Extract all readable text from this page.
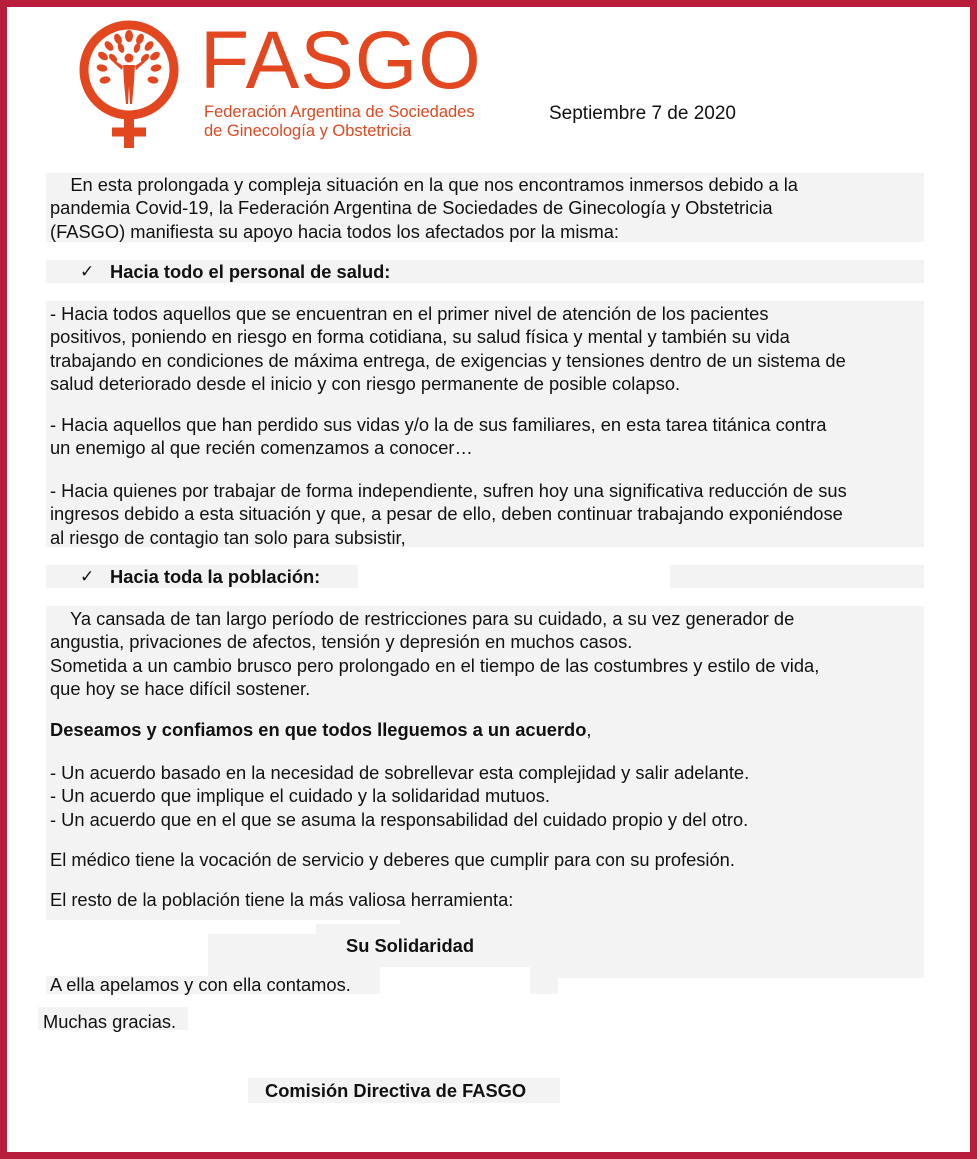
FASGO
Federación Argentina de Sociedades
de Ginecología y Obstetricia
Septiembre 7 de 2020
En esta prolongada y compleja situación en la que nos encontramos inmersos debido a la
pandemia Covid-19, la Federación Argentina de Sociedades de Ginecología y Obstetricia
(FASGO) manifiesta su apoyo hacia todos los afectados por la misma:
✓ Hacia todo el personal de salud:
- Hacia todos aquellos que se encuentran en el primer nivel de atención de los pacientes
positivos, poniendo en riesgo en forma cotidiana, su salud física y mental y también su vida
trabajando en condiciones de máxima entrega, de exigencias y tensiones dentro de un sistema de
salud deteriorado desde el inicio y con riesgo permanente de posible colapso.
- Hacia aquellos que han perdido sus vidas y/o la de sus familiares, en esta tarea titánica contra
un enemigo al que recién comenzamos a conocer…
- Hacia quienes por trabajar de forma independiente, sufren hoy una significativa reducción de sus
ingresos debido a esta situación y que, a pesar de ello, deben continuar trabajando exponiéndose
al riesgo de contagio tan solo para subsistir,
✓ Hacia toda la población:
Ya cansada de tan largo período de restricciones para su cuidado, a su vez generador de
angustia, privaciones de afectos, tensión y depresión en muchos casos.
Sometida a un cambio brusco pero prolongado en el tiempo de las costumbres y estilo de vida,
que hoy se hace difícil sostener.
Deseamos y confiamos en que todos lleguemos a un acuerdo,
- Un acuerdo basado en la necesidad de sobrellevar esta complejidad y salir adelante.
- Un acuerdo que implique el cuidado y la solidaridad mutuos.
- Un acuerdo que en el que se asuma la responsabilidad del cuidado propio y del otro.
El médico tiene la vocación de servicio y deberes que cumplir para con su profesión.
El resto de la población tiene la más valiosa herramienta:
Su Solidaridad
A ella apelamos y con ella contamos.
Muchas gracias.
Comisión Directiva de FASGO
